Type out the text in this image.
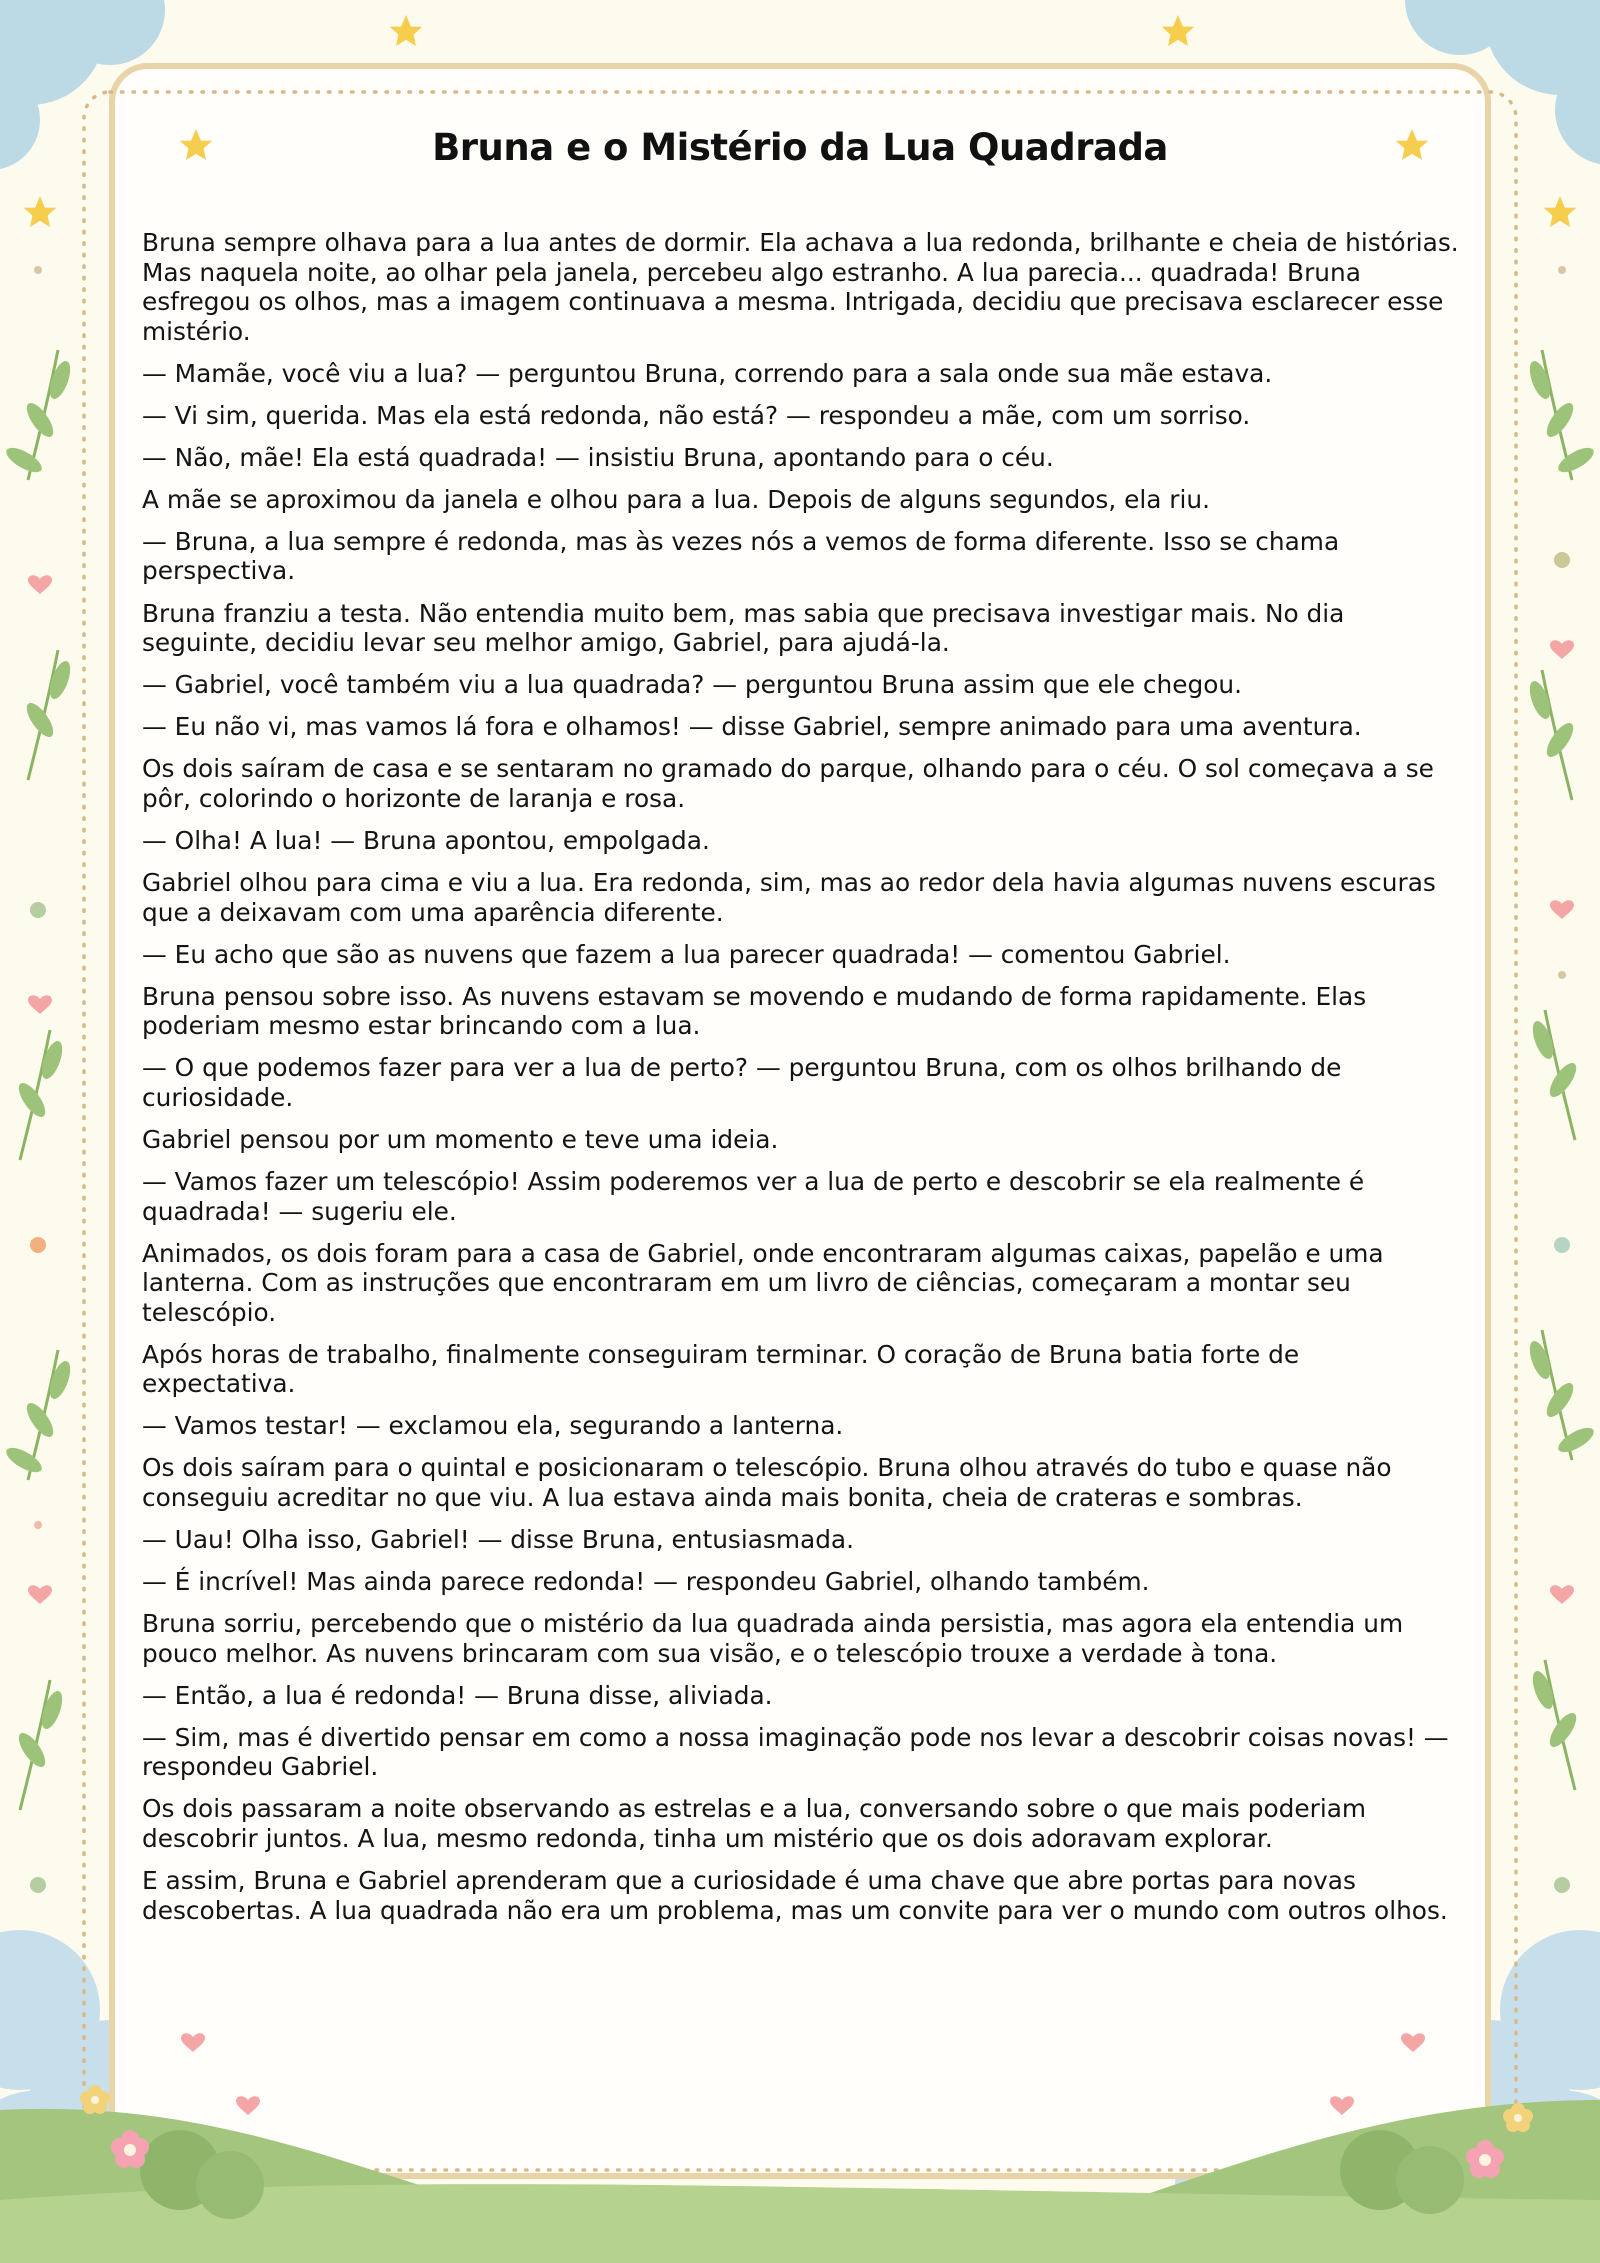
Bruna e o Mistério da Lua Quadrada

Bruna sempre olhava para a lua antes de dormir. Ela achava a lua redonda, brilhante e cheia de histórias. Mas naquela noite, ao olhar pela janela, percebeu algo estranho. A lua parecia... quadrada! Bruna esfregou os olhos, mas a imagem continuava a mesma. Intrigada, decidiu que precisava esclarecer esse mistério.

— Mamãe, você viu a lua? — perguntou Bruna, correndo para a sala onde sua mãe estava.

— Vi sim, querida. Mas ela está redonda, não está? — respondeu a mãe, com um sorriso.

— Não, mãe! Ela está quadrada! — insistiu Bruna, apontando para o céu.

A mãe se aproximou da janela e olhou para a lua. Depois de alguns segundos, ela riu.

— Bruna, a lua sempre é redonda, mas às vezes nós a vemos de forma diferente. Isso se chama perspectiva.

Bruna franziu a testa. Não entendia muito bem, mas sabia que precisava investigar mais. No dia seguinte, decidiu levar seu melhor amigo, Gabriel, para ajudá-la.

— Gabriel, você também viu a lua quadrada? — perguntou Bruna assim que ele chegou.

— Eu não vi, mas vamos lá fora e olhamos! — disse Gabriel, sempre animado para uma aventura.

Os dois saíram de casa e se sentaram no gramado do parque, olhando para o céu. O sol começava a se pôr, colorindo o horizonte de laranja e rosa.

— Olha! A lua! — Bruna apontou, empolgada.

Gabriel olhou para cima e viu a lua. Era redonda, sim, mas ao redor dela havia algumas nuvens escuras que a deixavam com uma aparência diferente.

— Eu acho que são as nuvens que fazem a lua parecer quadrada! — comentou Gabriel.

Bruna pensou sobre isso. As nuvens estavam se movendo e mudando de forma rapidamente. Elas poderiam mesmo estar brincando com a lua.

— O que podemos fazer para ver a lua de perto? — perguntou Bruna, com os olhos brilhando de curiosidade.

Gabriel pensou por um momento e teve uma ideia.

— Vamos fazer um telescópio! Assim poderemos ver a lua de perto e descobrir se ela realmente é quadrada! — sugeriu ele.

Animados, os dois foram para a casa de Gabriel, onde encontraram algumas caixas, papelão e uma lanterna. Com as instruções que encontraram em um livro de ciências, começaram a montar seu telescópio.

Após horas de trabalho, finalmente conseguiram terminar. O coração de Bruna batia forte de expectativa.

— Vamos testar! — exclamou ela, segurando a lanterna.

Os dois saíram para o quintal e posicionaram o telescópio. Bruna olhou através do tubo e quase não conseguiu acreditar no que viu. A lua estava ainda mais bonita, cheia de crateras e sombras.

— Uau! Olha isso, Gabriel! — disse Bruna, entusiasmada.

— É incrível! Mas ainda parece redonda! — respondeu Gabriel, olhando também.

Bruna sorriu, percebendo que o mistério da lua quadrada ainda persistia, mas agora ela entendia um pouco melhor. As nuvens brincaram com sua visão, e o telescópio trouxe a verdade à tona.

— Então, a lua é redonda! — Bruna disse, aliviada.

— Sim, mas é divertido pensar em como a nossa imaginação pode nos levar a descobrir coisas novas! — respondeu Gabriel.

Os dois passaram a noite observando as estrelas e a lua, conversando sobre o que mais poderiam descobrir juntos. A lua, mesmo redonda, tinha um mistério que os dois adoravam explorar.

E assim, Bruna e Gabriel aprenderam que a curiosidade é uma chave que abre portas para novas descobertas. A lua quadrada não era um problema, mas um convite para ver o mundo com outros olhos.
